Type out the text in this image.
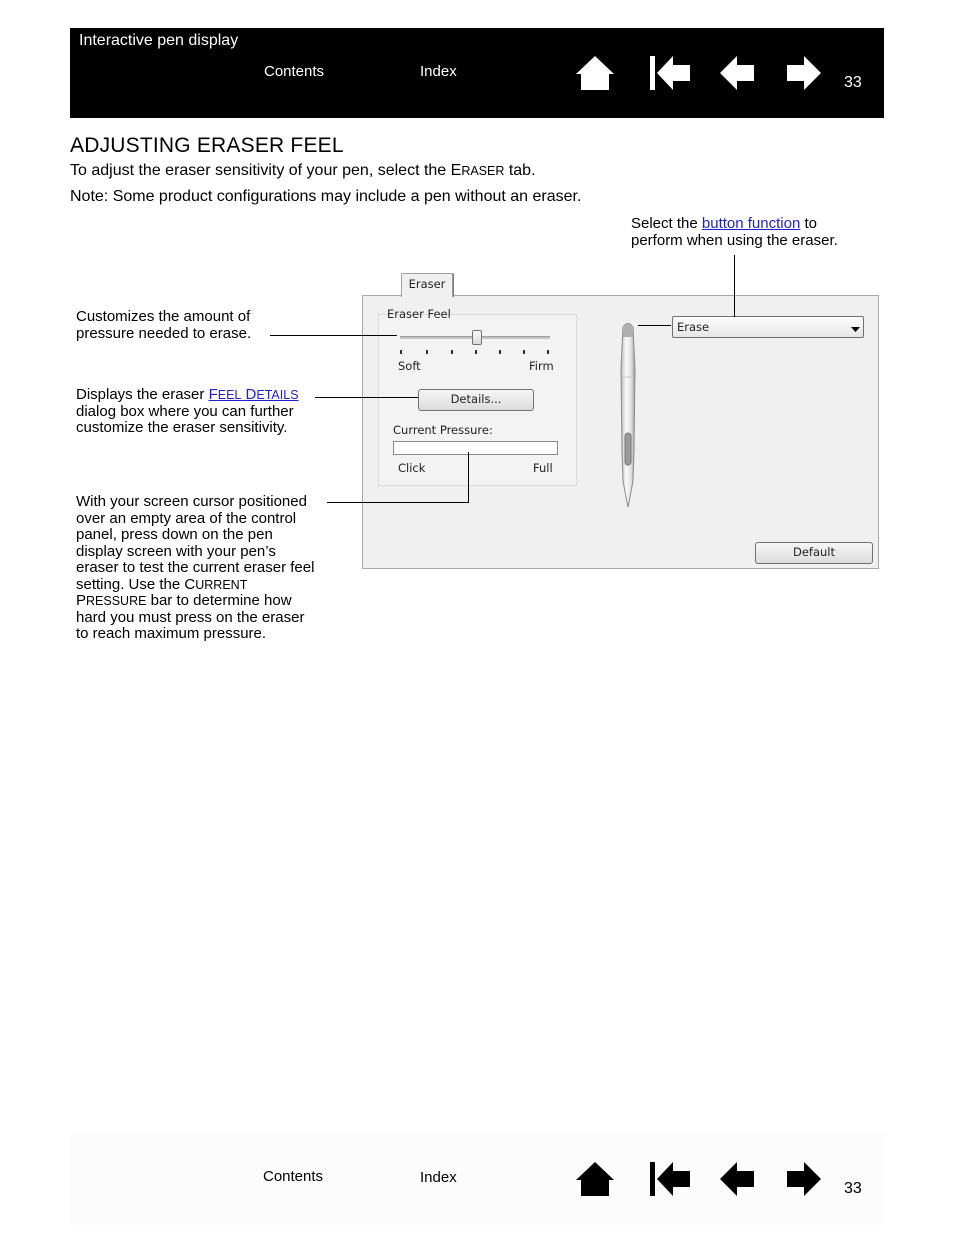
Interactive pen display
Contents	Index
33
ADJUSTING ERASER FEEL
To adjust the eraser sensitivity of your pen, select the ERASER tab.
Note: Some product configurations may include a pen without an eraser.
Select the button function to
perform when using the eraser.
Customizes the amount of
pressure needed to erase.
Displays the eraser FEEL DETAILS
dialog box where you can further
customize the eraser sensitivity.
With your screen cursor positioned
over an empty area of the control
panel, press down on the pen
display screen with your pen’s
eraser to test the current eraser feel
setting. Use the CURRENT
PRESSURE bar to determine how
hard you must press on the eraser
to reach maximum pressure.
Eraser
Eraser Feel
Soft	Firm
Details...
Current Pressure:
Click	Full
Erase
Default
Contents	Index
33
